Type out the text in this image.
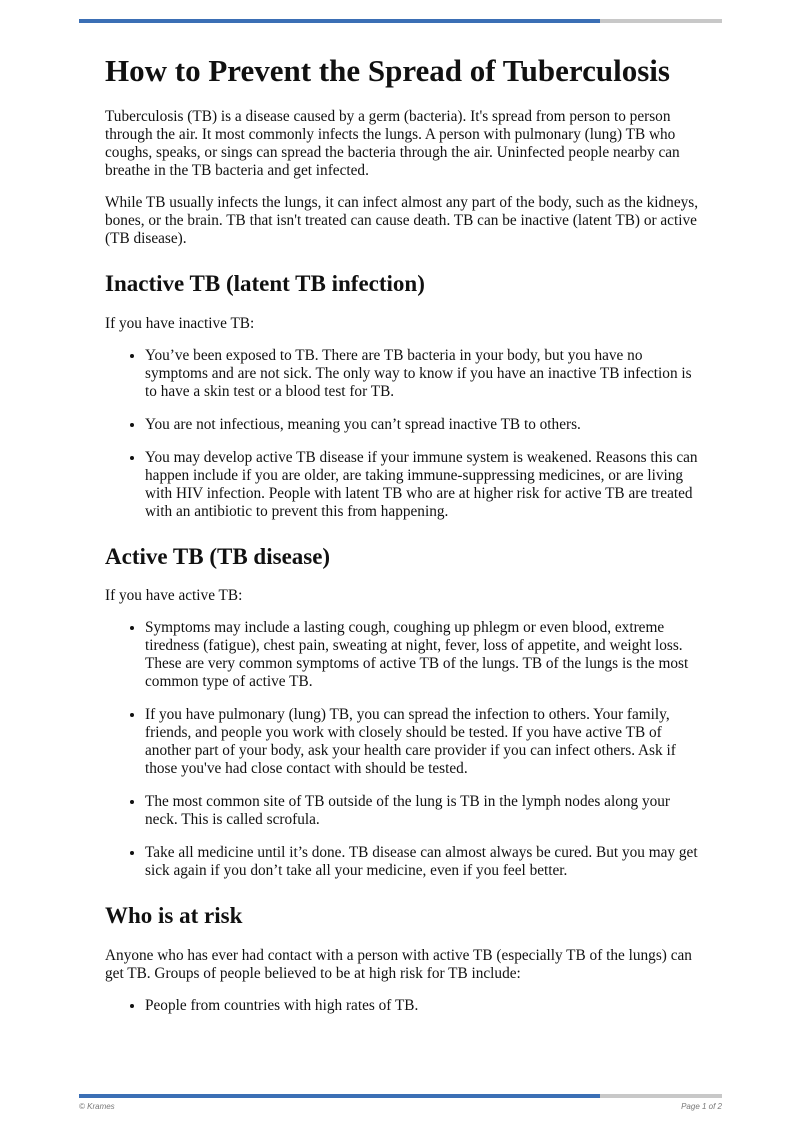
How to Prevent the Spread of Tuberculosis

Tuberculosis (TB) is a disease caused by a germ (bacteria). It's spread from person to person through the air. It most commonly infects the lungs. A person with pulmonary (lung) TB who coughs, speaks, or sings can spread the bacteria through the air. Uninfected people nearby can breathe in the TB bacteria and get infected.

While TB usually infects the lungs, it can infect almost any part of the body, such as the kidneys, bones, or the brain. TB that isn't treated can cause death. TB can be inactive (latent TB) or active (TB disease).

Inactive TB (latent TB infection)

If you have inactive TB:

• You’ve been exposed to TB. There are TB bacteria in your body, but you have no symptoms and are not sick. The only way to know if you have an inactive TB infection is to have a skin test or a blood test for TB.
• You are not infectious, meaning you can’t spread inactive TB to others.
• You may develop active TB disease if your immune system is weakened. Reasons this can happen include if you are older, are taking immune-suppressing medicines, or are living with HIV infection. People with latent TB who are at higher risk for active TB are treated with an antibiotic to prevent this from happening.
Active TB (TB disease)

If you have active TB:

• Symptoms may include a lasting cough, coughing up phlegm or even blood, extreme tiredness (fatigue), chest pain, sweating at night, fever, loss of appetite, and weight loss. These are very common symptoms of active TB of the lungs. TB of the lungs is the most common type of active TB.
• If you have pulmonary (lung) TB, you can spread the infection to others. Your family, friends, and people you work with closely should be tested. If you have active TB of another part of your body, ask your health care provider if you can infect others. Ask if those you've had close contact with should be tested.
• The most common site of TB outside of the lung is TB in the lymph nodes along your neck. This is called scrofula.
• Take all medicine until it’s done. TB disease can almost always be cured. But you may get sick again if you don’t take all your medicine, even if you feel better.
Who is at risk

Anyone who has ever had contact with a person with active TB (especially TB of the lungs) can get TB. Groups of people believed to be at high risk for TB include:

• People from countries with high rates of TB.
© Krames	Page 1 of 2
